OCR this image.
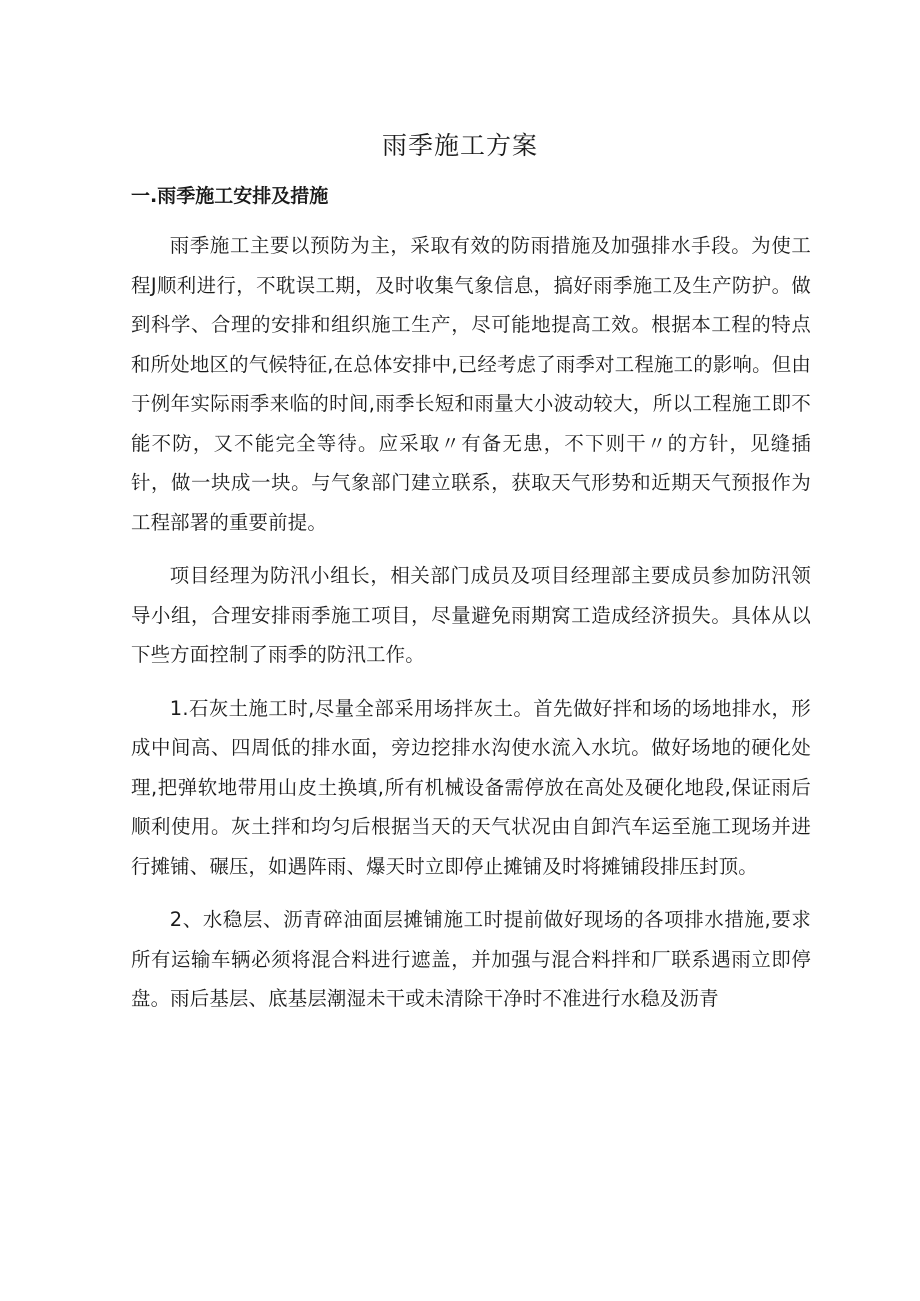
雨季施工方案
一.雨季施工安排及措施

雨季施工主要以预防为主，采取有效的防雨措施及加强排水手段。为使工程J顺利进行，不耽误工期，及时收集气象信息，搞好雨季施工及生产防护。做到科学、合理的安排和组织施工生产，尽可能地提高工效。根据本工程的特点和所处地区的气候特征,在总体安排中,已经考虑了雨季对工程施工的影响。但由于例年实际雨季来临的时间,雨季长短和雨量大小波动较大，所以工程施工即不能不防，又不能完全等待。应采取〃有备无患，不下则干〃的方针，见缝插针，做一块成一块。与气象部门建立联系，获取天气形势和近期天气预报作为工程部署的重要前提。

项目经理为防汛小组长，相关部门成员及项目经理部主要成员参加防汛领导小组，合理安排雨季施工项目，尽量避免雨期窝工造成经济损失。具体从以下些方面控制了雨季的防汛工作。

1.石灰土施工时,尽量全部采用场拌灰土。首先做好拌和场的场地排水，形成中间高、四周低的排水面，旁边挖排水沟使水流入水坑。做好场地的硬化处理,把弹软地带用山皮土换填,所有机械设备需停放在高处及硬化地段,保证雨后顺利使用。灰土拌和均匀后根据当天的天气状况由自卸汽车运至施工现场并进行摊铺、碾压，如遇阵雨、爆天时立即停止摊铺及时将摊铺段排压封顶。

2、水稳层、沥青碎油面层摊铺施工时提前做好现场的各项排水措施,要求所有运输车辆必须将混合料进行遮盖，并加强与混合料拌和厂联系遇雨立即停盘。雨后基层、底基层潮湿未干或未清除干净时不准进行水稳及沥青
